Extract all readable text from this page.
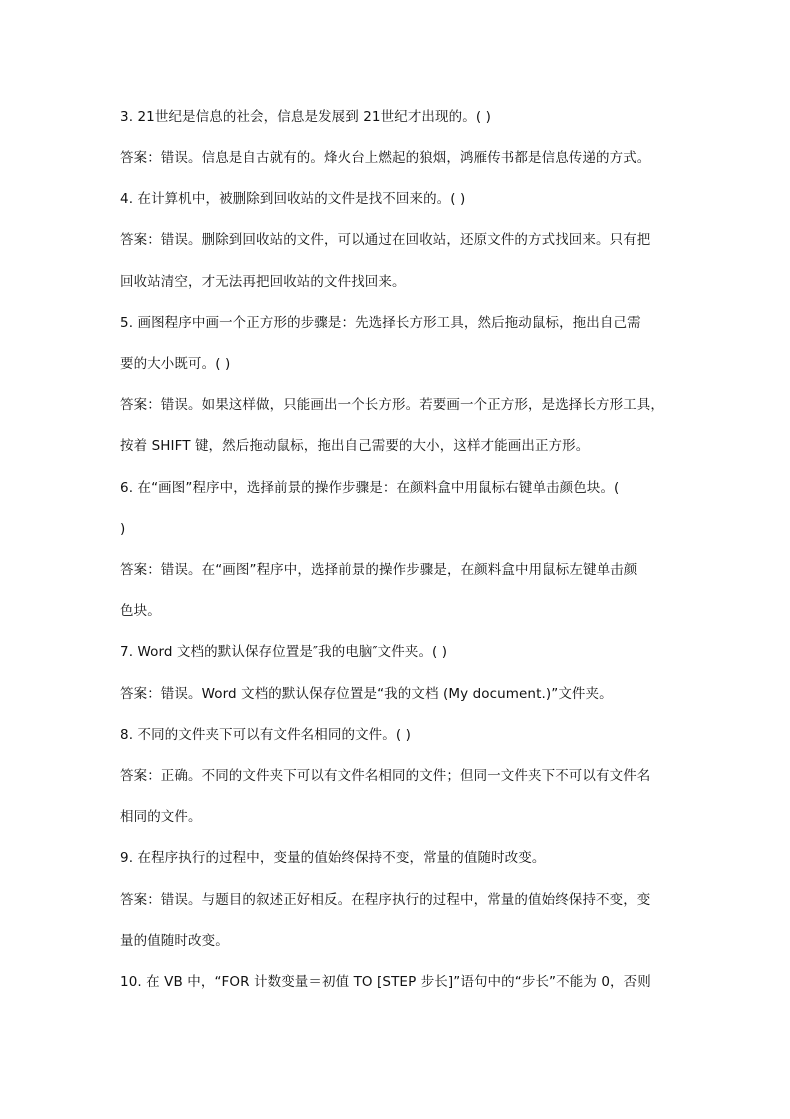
3. 21世纪是信息的社会，信息是发展到 21世纪才出现的。( )
答案：错误。信息是自古就有的。烽火台上燃起的狼烟，鸿雁传书都是信息传递的方式。
4. 在计算机中，被删除到回收站的文件是找不回来的。( )
答案：错误。删除到回收站的文件，可以通过在回收站，还原文件的方式找回来。只有把
回收站清空，才无法再把回收站的文件找回来。
5. 画图程序中画一个正方形的步骤是：先选择长方形工具，然后拖动鼠标，拖出自己需
要的大小既可。( )
答案：错误。如果这样做，只能画出一个长方形。若要画一个正方形，是选择长方形工具，
按着 SHIFT 键，然后拖动鼠标，拖出自己需要的大小，这样才能画出正方形。
6. 在“画图”程序中，选择前景的操作步骤是：在颜料盒中用鼠标右键单击颜色块。(
)
答案：错误。在“画图”程序中，选择前景的操作步骤是，在颜料盒中用鼠标左键单击颜
色块。
7. Word 文档的默认保存位置是″我的电脑″文件夹。( )
答案：错误。Word 文档的默认保存位置是“我的文档 (My document.)”文件夹。
8. 不同的文件夹下可以有文件名相同的文件。( )
答案：正确。不同的文件夹下可以有文件名相同的文件；但同一文件夹下不可以有文件名
相同的文件。
9. 在程序执行的过程中，变量的值始终保持不变，常量的值随时改变。
答案：错误。与题目的叙述正好相反。在程序执行的过程中，常量的值始终保持不变，变
量的值随时改变。
10. 在 VB 中，“FOR 计数变量＝初值 TO [STEP 步长]”语句中的“步长”不能为 0，否则
